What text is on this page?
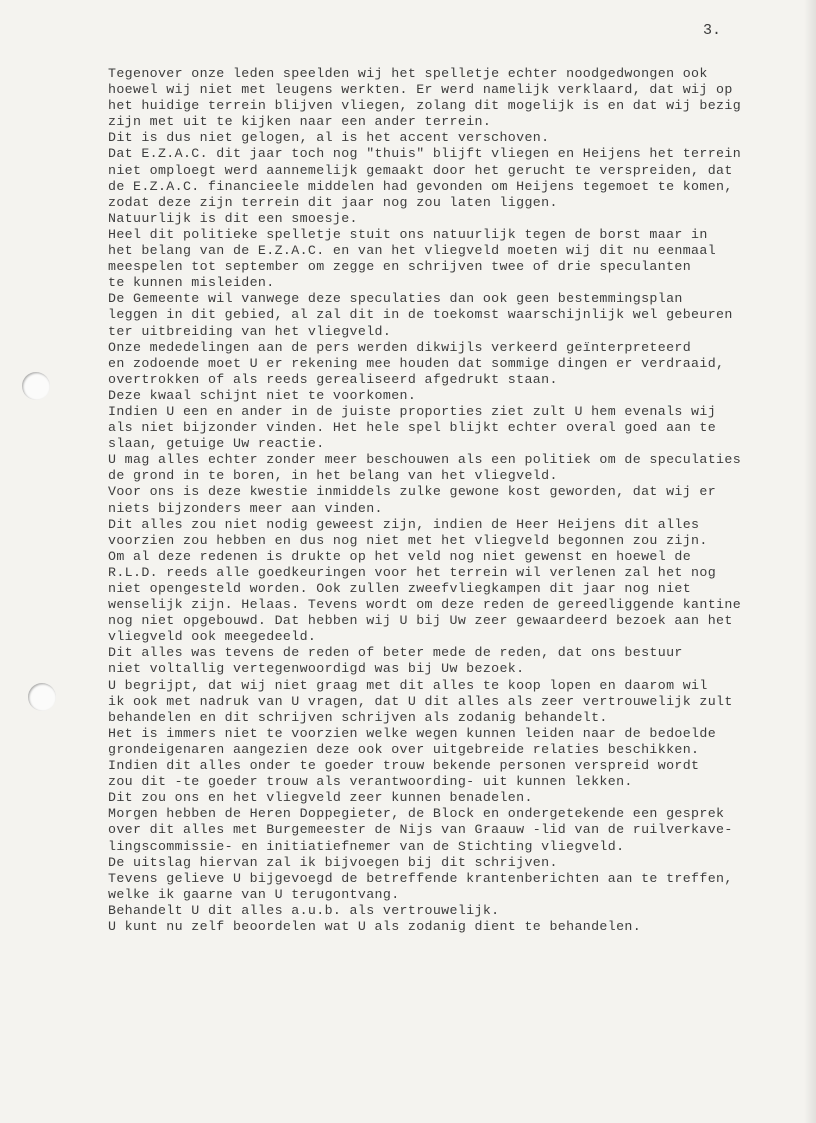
3.

Tegenover onze leden speelden wij het spelletje echter noodgedwongen ook
hoewel wij niet met leugens werkten. Er werd namelijk verklaard, dat wij op
het huidige terrein blijven vliegen, zolang dit mogelijk is en dat wij bezig
zijn met uit te kijken naar een ander terrein.
Dit is dus niet gelogen, al is het accent verschoven.
Dat E.Z.A.C. dit jaar toch nog "thuis" blijft vliegen en Heijens het terrein
niet omploegt werd aannemelijk gemaakt door het gerucht te verspreiden, dat
de E.Z.A.C. financieele middelen had gevonden om Heijens tegemoet te komen,
zodat deze zijn terrein dit jaar nog zou laten liggen.
Natuurlijk is dit een smoesje.
Heel dit politieke spelletje stuit ons natuurlijk tegen de borst maar in
het belang van de E.Z.A.C. en van het vliegveld moeten wij dit nu eenmaal
meespelen tot september om zegge en schrijven twee of drie speculanten
te kunnen misleiden.
De Gemeente wil vanwege deze speculaties dan ook geen bestemmingsplan
leggen in dit gebied, al zal dit in de toekomst waarschijnlijk wel gebeuren
ter uitbreiding van het vliegveld.
Onze mededelingen aan de pers werden dikwijls verkeerd geïnterpreteerd
en zodoende moet U er rekening mee houden dat sommige dingen er verdraaid,
overtrokken of als reeds gerealiseerd afgedrukt staan.
Deze kwaal schijnt niet te voorkomen.
Indien U een en ander in de juiste proporties ziet zult U hem evenals wij
als niet bijzonder vinden. Het hele spel blijkt echter overal goed aan te
slaan, getuige Uw reactie.
U mag alles echter zonder meer beschouwen als een politiek om de speculaties
de grond in te boren, in het belang van het vliegveld.
Voor ons is deze kwestie inmiddels zulke gewone kost geworden, dat wij er
niets bijzonders meer aan vinden.
Dit alles zou niet nodig geweest zijn, indien de Heer Heijens dit alles
voorzien zou hebben en dus nog niet met het vliegveld begonnen zou zijn.
Om al deze redenen is drukte op het veld nog niet gewenst en hoewel de
R.L.D. reeds alle goedkeuringen voor het terrein wil verlenen zal het nog
niet opengesteld worden. Ook zullen zweefvliegkampen dit jaar nog niet
wenselijk zijn. Helaas. Tevens wordt om deze reden de gereedliggende kantine
nog niet opgebouwd. Dat hebben wij U bij Uw zeer gewaardeerd bezoek aan het
vliegveld ook meegedeeld.
Dit alles was tevens de reden of beter mede de reden, dat ons bestuur
niet voltallig vertegenwoordigd was bij Uw bezoek.
U begrijpt, dat wij niet graag met dit alles te koop lopen en daarom wil
ik ook met nadruk van U vragen, dat U dit alles als zeer vertrouwelijk zult
behandelen en dit schrijven schrijven als zodanig behandelt.
Het is immers niet te voorzien welke wegen kunnen leiden naar de bedoelde
grondeigenaren aangezien deze ook over uitgebreide relaties beschikken.
Indien dit alles onder te goeder trouw bekende personen verspreid wordt
zou dit -te goeder trouw als verantwoording- uit kunnen lekken.
Dit zou ons en het vliegveld zeer kunnen benadelen.
Morgen hebben de Heren Doppegieter, de Block en ondergetekende een gesprek
over dit alles met Burgemeester de Nijs van Graauw -lid van de ruilverkave-
lingscommissie- en initiatiefnemer van de Stichting vliegveld.
De uitslag hiervan zal ik bijvoegen bij dit schrijven.
Tevens gelieve U bijgevoegd de betreffende krantenberichten aan te treffen,
welke ik gaarne van U terugontvang.
Behandelt U dit alles a.u.b. als vertrouwelijk.
U kunt nu zelf beoordelen wat U als zodanig dient te behandelen.
